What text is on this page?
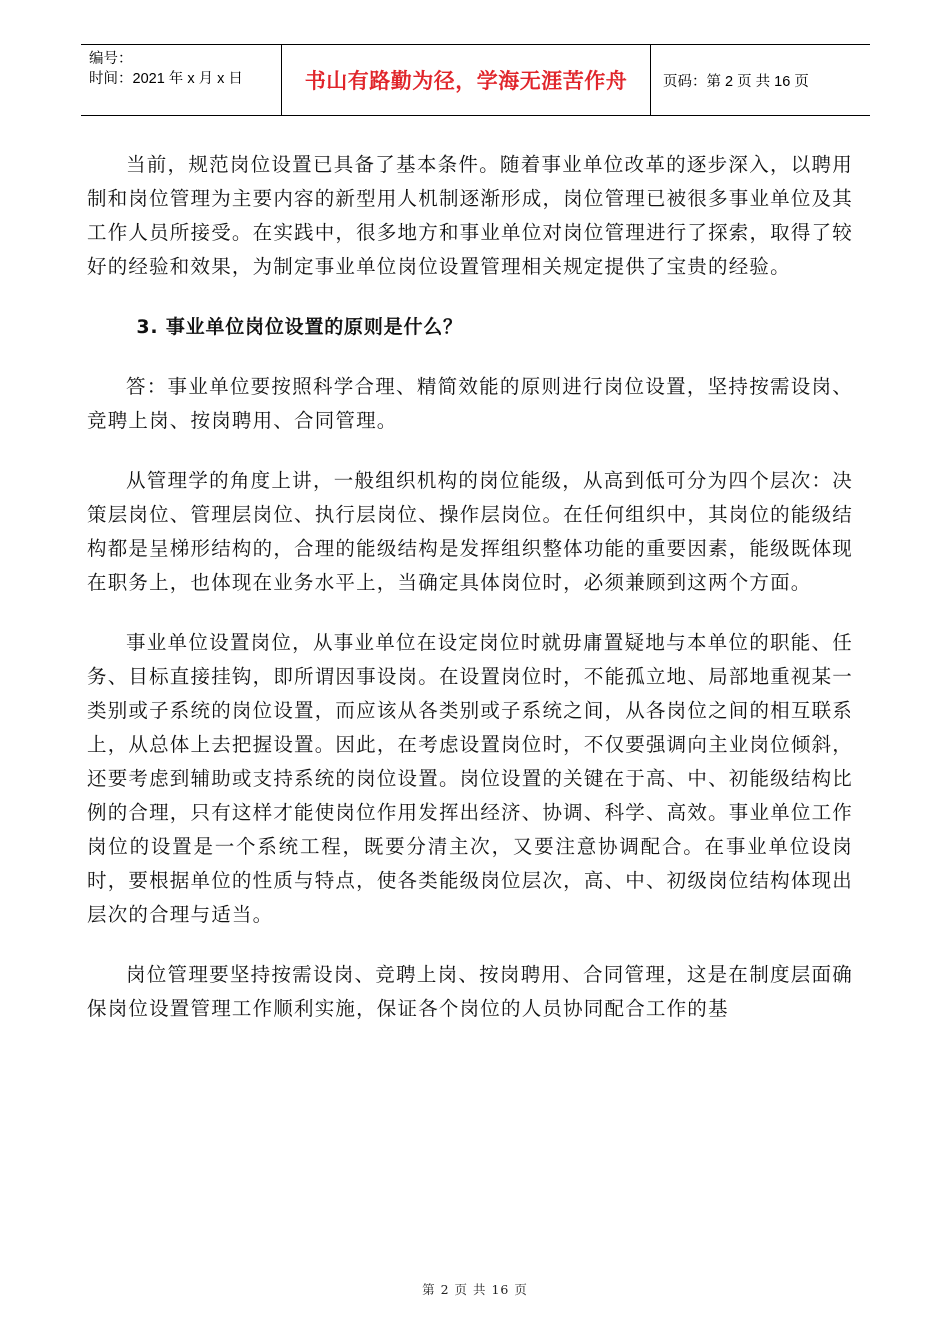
编号：
时间：2021 年 x 月 x 日	书山有路勤为径，学海无涯苦作舟	页码：第 2 页 共 16 页

当前，规范岗位设置已具备了基本条件。随着事业单位改革的逐步深入，以聘用制和岗位管理为主要内容的新型用人机制逐渐形成，岗位管理已被很多事业单位及其工作人员所接受。在实践中，很多地方和事业单位对岗位管理进行了探索，取得了较好的经验和效果，为制定事业单位岗位设置管理相关规定提供了宝贵的经验。

3. 事业单位岗位设置的原则是什么？

答：事业单位要按照科学合理、精简效能的原则进行岗位设置，坚持按需设岗、竞聘上岗、按岗聘用、合同管理。

从管理学的角度上讲，一般组织机构的岗位能级，从高到低可分为四个层次：决策层岗位、管理层岗位、执行层岗位、操作层岗位。在任何组织中，其岗位的能级结构都是呈梯形结构的，合理的能级结构是发挥组织整体功能的重要因素，能级既体现在职务上，也体现在业务水平上，当确定具体岗位时，必须兼顾到这两个方面。

事业单位设置岗位，从事业单位在设定岗位时就毋庸置疑地与本单位的职能、任务、目标直接挂钩，即所谓因事设岗。在设置岗位时，不能孤立地、局部地重视某一类别或子系统的岗位设置，而应该从各类别或子系统之间，从各岗位之间的相互联系上，从总体上去把握设置。因此，在考虑设置岗位时，不仅要强调向主业岗位倾斜，还要考虑到辅助或支持系统的岗位设置。岗位设置的关键在于高、中、初能级结构比例的合理，只有这样才能使岗位作用发挥出经济、协调、科学、高效。事业单位工作岗位的设置是一个系统工程，既要分清主次，又要注意协调配合。在事业单位设岗时，要根据单位的性质与特点，使各类能级岗位层次，高、中、初级岗位结构体现出层次的合理与适当。

岗位管理要坚持按需设岗、竞聘上岗、按岗聘用、合同管理，这是在制度层面确保岗位设置管理工作顺利实施，保证各个岗位的人员协同配合工作的基

第 2 页 共 16 页
